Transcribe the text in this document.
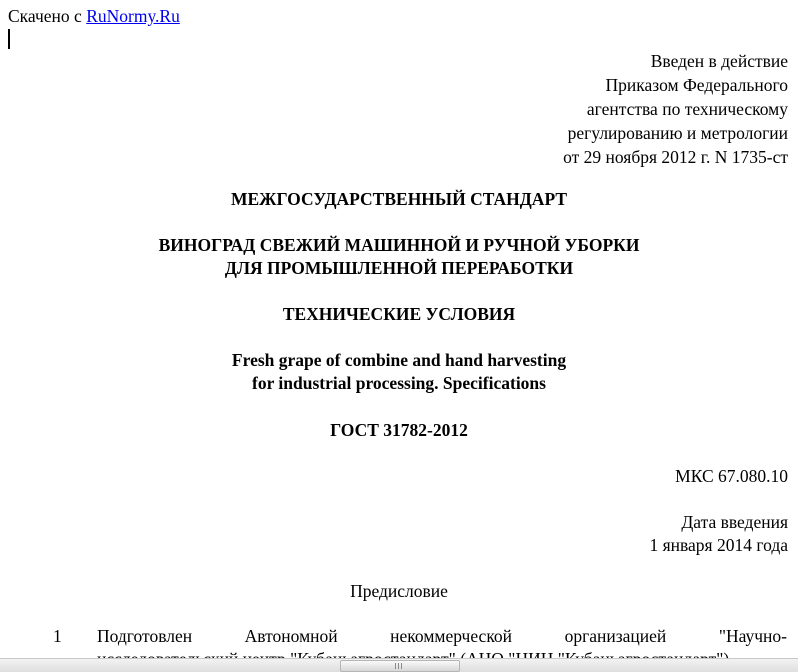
Скачено с RuNormy.Ru
Введен в действие
Приказом Федерального
агентства по техническому
регулированию и метрологии
от 29 ноября 2012 г. N 1735-ст
МЕЖГОСУДАРСТВЕННЫЙ СТАНДАРТ
ВИНОГРАД СВЕЖИЙ МАШИННОЙ И РУЧНОЙ УБОРКИ
ДЛЯ ПРОМЫШЛЕННОЙ ПЕРЕРАБОТКИ
ТЕХНИЧЕСКИЕ УСЛОВИЯ
Fresh grape of combine and hand harvesting
for industrial processing. Specifications
ГОСТ 31782-2012
МКС 67.080.10
Дата введения
1 января 2014 года
Предисловие
1 Подготовлен Автономной некоммерческой организацией "Научно-
